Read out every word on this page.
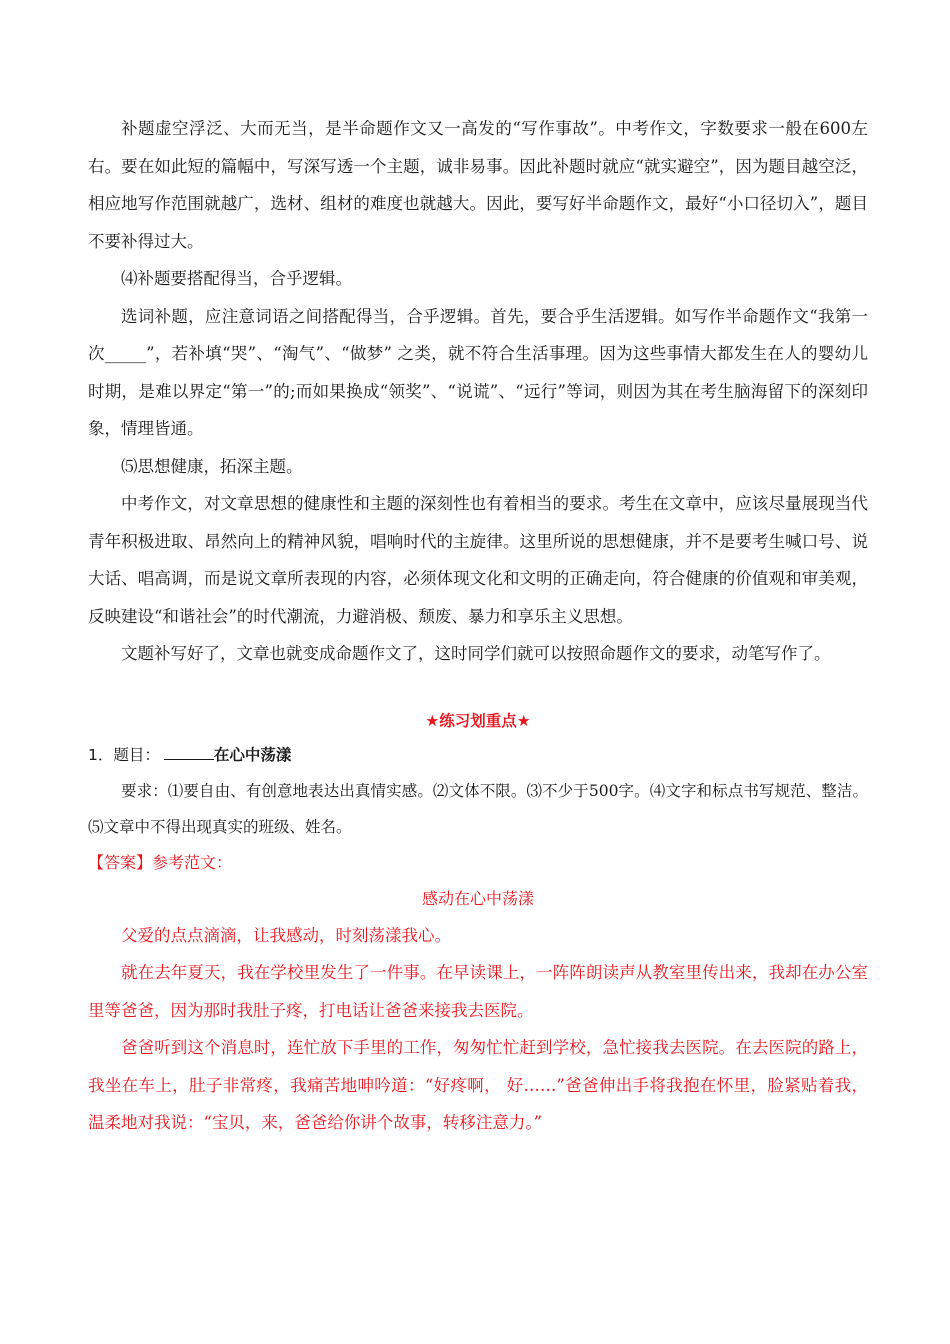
补题虚空浮泛、大而无当，是半命题作文又一高发的“写作事故”。中考作文，字数要求一般在600左右。要在如此短的篇幅中，写深写透一个主题，诚非易事。因此补题时就应“就实避空”，因为题目越空泛，相应地写作范围就越广，选材、组材的难度也就越大。因此，要写好半命题作文，最好“小口径切入”，题目不要补得过大。

⑷补题要搭配得当，合乎逻辑。

选词补题，应注意词语之间搭配得当，合乎逻辑。首先，要合乎生活逻辑。如写作半命题作文“我第一次_____”，若补填“哭”、“淘气”、“做梦” 之类，就不符合生活事理。因为这些事情大都发生在人的婴幼儿时期，是难以界定“第一”的;而如果换成“领奖”、“说谎”、“远行”等词，则因为其在考生脑海留下的深刻印象，情理皆通。

⑸思想健康，拓深主题。

中考作文，对文章思想的健康性和主题的深刻性也有着相当的要求。考生在文章中，应该尽量展现当代青年积极进取、昂然向上的精神风貌，唱响时代的主旋律。这里所说的思想健康，并不是要考生喊口号、说大话、唱高调，而是说文章所表现的内容，必须体现文化和文明的正确走向，符合健康的价值观和审美观，反映建设“和谐社会”的时代潮流，力避消极、颓废、暴力和享乐主义思想。

文题补写好了，文章也就变成命题作文了，这时同学们就可以按照命题作文的要求，动笔写作了。

★练习划重点★

1．题目：	在心中荡漾

要求：⑴要自由、有创意地表达出真情实感。⑵文体不限。⑶不少于500字。⑷文字和标点书写规范、整洁。⑸文章中不得出现真实的班级、姓名。

【答案】参考范文：

感动在心中荡漾

父爱的点点滴滴，让我感动，时刻荡漾我心。

就在去年夏天，我在学校里发生了一件事。在早读课上，一阵阵朗读声从教室里传出来，我却在办公室里等爸爸，因为那时我肚子疼，打电话让爸爸来接我去医院。

爸爸听到这个消息时，连忙放下手里的工作，匆匆忙忙赶到学校，急忙接我去医院。在去医院的路上，我坐在车上，肚子非常疼，我痛苦地呻吟道：“好疼啊， 好……”爸爸伸出手将我抱在怀里，脸紧贴着我，温柔地对我说：“宝贝，来，爸爸给你讲个故事，转移注意力。”
